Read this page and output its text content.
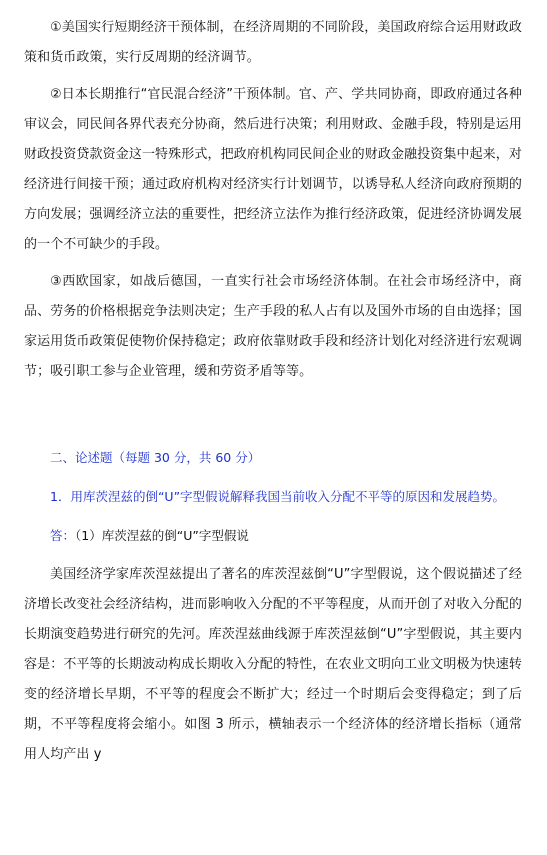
①美国实行短期经济干预体制，在经济周期的不同阶段，美国政府综合运用财政政策和货币政策，实行反周期的经济调节。

②日本长期推行“官民混合经济”干预体制。官、产、学共同协商，即政府通过各种审议会，同民间各界代表充分协商，然后进行决策；利用财政、金融手段，特别是运用财政投资贷款资金这一特殊形式，把政府机构同民间企业的财政金融投资集中起来，对经济进行间接干预；通过政府机构对经济实行计划调节，以诱导私人经济向政府预期的方向发展；强调经济立法的重要性，把经济立法作为推行经济政策，促进经济协调发展的一个不可缺少的手段。

③西欧国家，如战后德国，一直实行社会市场经济体制。在社会市场经济中，商品、劳务的价格根据竞争法则决定；生产手段的私人占有以及国外市场的自由选择；国家运用货币政策促使物价保持稳定；政府依靠财政手段和经济计划化对经济进行宏观调节；吸引职工参与企业管理，缓和劳资矛盾等等。

二、论述题（每题 30 分，共 60 分）

1．用库茨涅兹的倒“U”字型假说解释我国当前收入分配不平等的原因和发展趋势。

答：（1）库茨涅兹的倒“U”字型假说

美国经济学家库茨涅兹提出了著名的库茨涅兹倒“U”字型假说，这个假说描述了经济增长改变社会经济结构，进而影响收入分配的不平等程度，从而开创了对收入分配的长期演变趋势进行研究的先河。库茨涅兹曲线源于库茨涅兹倒“U”字型假说，其主要内容是：不平等的长期波动构成长期收入分配的特性，在农业文明向工业文明极为快速转变的经济增长早期，不平等的程度会不断扩大；经过一个时期后会变得稳定；到了后期，不平等程度将会缩小。如图 3 所示，横轴表示一个经济体的经济增长指标（通常用人均产出 y
